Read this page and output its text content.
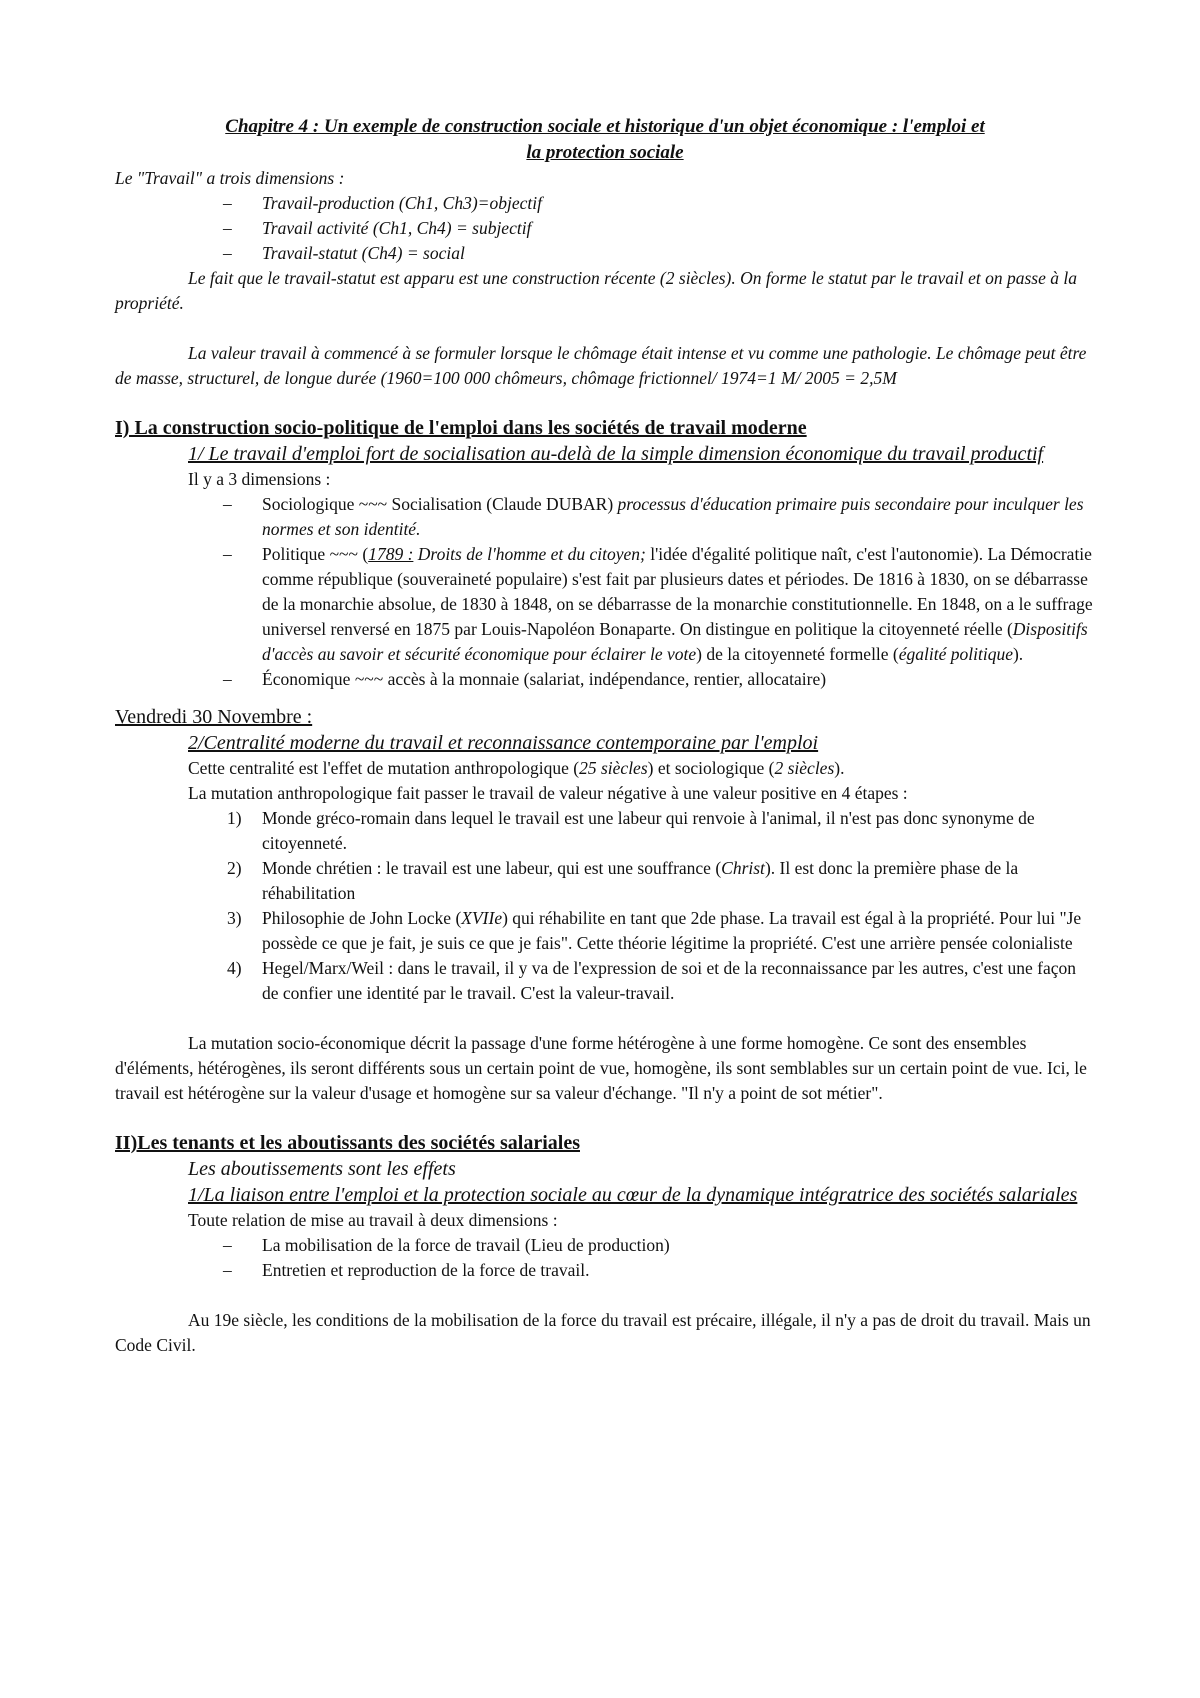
Chapitre 4 : Un exemple de construction sociale et historique d'un objet économique : l'emploi et
la protection sociale

Le "Travail" a trois dimensions :

– Travail-production (Ch1, Ch3)=objectif
– Travail activité (Ch1, Ch4) = subjectif
– Travail-statut (Ch4) = social

Le fait que le travail-statut est apparu est une construction récente (2 siècles). On forme le statut par le travail et on passe à la propriété.

La valeur travail à commencé à se formuler lorsque le chômage était intense et vu comme une pathologie. Le chômage peut être de masse, structurel, de longue durée (1960=100 000 chômeurs, chômage frictionnel/ 1974=1 M/ 2005 = 2,5M

I) La construction socio-politique de l'emploi dans les sociétés de travail moderne
1/ Le travail d'emploi fort de socialisation au-delà de la simple dimension économique du travail productif

Il y a 3 dimensions :

– Sociologique ~~~ Socialisation (Claude DUBAR) processus d'éducation primaire puis secondaire pour inculquer les normes et son identité.
– Politique ~~~ (1789 : Droits de l'homme et du citoyen; l'idée d'égalité politique naît, c'est l'autonomie). La Démocratie comme république (souveraineté populaire) s'est fait par plusieurs dates et périodes. De 1816 à 1830, on se débarrasse de la monarchie absolue, de 1830 à 1848, on se débarrasse de la monarchie constitutionnelle. En 1848, on a le suffrage universel renversé en 1875 par Louis-Napoléon Bonaparte. On distingue en politique la citoyenneté réelle (Dispositifs d'accès au savoir et sécurité économique pour éclairer le vote) de la citoyenneté formelle (égalité politique).
– Économique ~~~ accès à la monnaie (salariat, indépendance, rentier, allocataire)
Vendredi 30 Novembre :
2/Centralité moderne du travail et reconnaissance contemporaine par l'emploi

Cette centralité est l'effet de mutation anthropologique (25 siècles) et sociologique (2 siècles).

La mutation anthropologique fait passer le travail de valeur négative à une valeur positive en 4 étapes :

1) Monde gréco-romain dans lequel le travail est une labeur qui renvoie à l'animal, il n'est pas donc synonyme de citoyenneté.
2) Monde chrétien : le travail est une labeur, qui est une souffrance (Christ). Il est donc la première phase de la réhabilitation
3) Philosophie de John Locke (XVIIe) qui réhabilite en tant que 2de phase. La travail est égal à la propriété. Pour lui "Je possède ce que je fait, je suis ce que je fais". Cette théorie légitime la propriété. C'est une arrière pensée colonialiste
4) Hegel/Marx/Weil : dans le travail, il y va de l'expression de soi et de la reconnaissance par les autres, c'est une façon de confier une identité par le travail. C'est la valeur-travail.

La mutation socio-économique décrit la passage d'une forme hétérogène à une forme homogène. Ce sont des ensembles d'éléments, hétérogènes, ils seront différents sous un certain point de vue, homogène, ils sont semblables sur un certain point de vue. Ici, le travail est hétérogène sur la valeur d'usage et homogène sur sa valeur d'échange. "Il n'y a point de sot métier".

II)Les tenants et les aboutissants des sociétés salariales
Les aboutissements sont les effets
1/La liaison entre l'emploi et la protection sociale au cœur de la dynamique intégratrice des sociétés salariales

Toute relation de mise au travail à deux dimensions :

– La mobilisation de la force de travail (Lieu de production)
– Entretien et reproduction de la force de travail.

Au 19e siècle, les conditions de la mobilisation de la force du travail est précaire, illégale, il n'y a pas de droit du travail. Mais un Code Civil.
